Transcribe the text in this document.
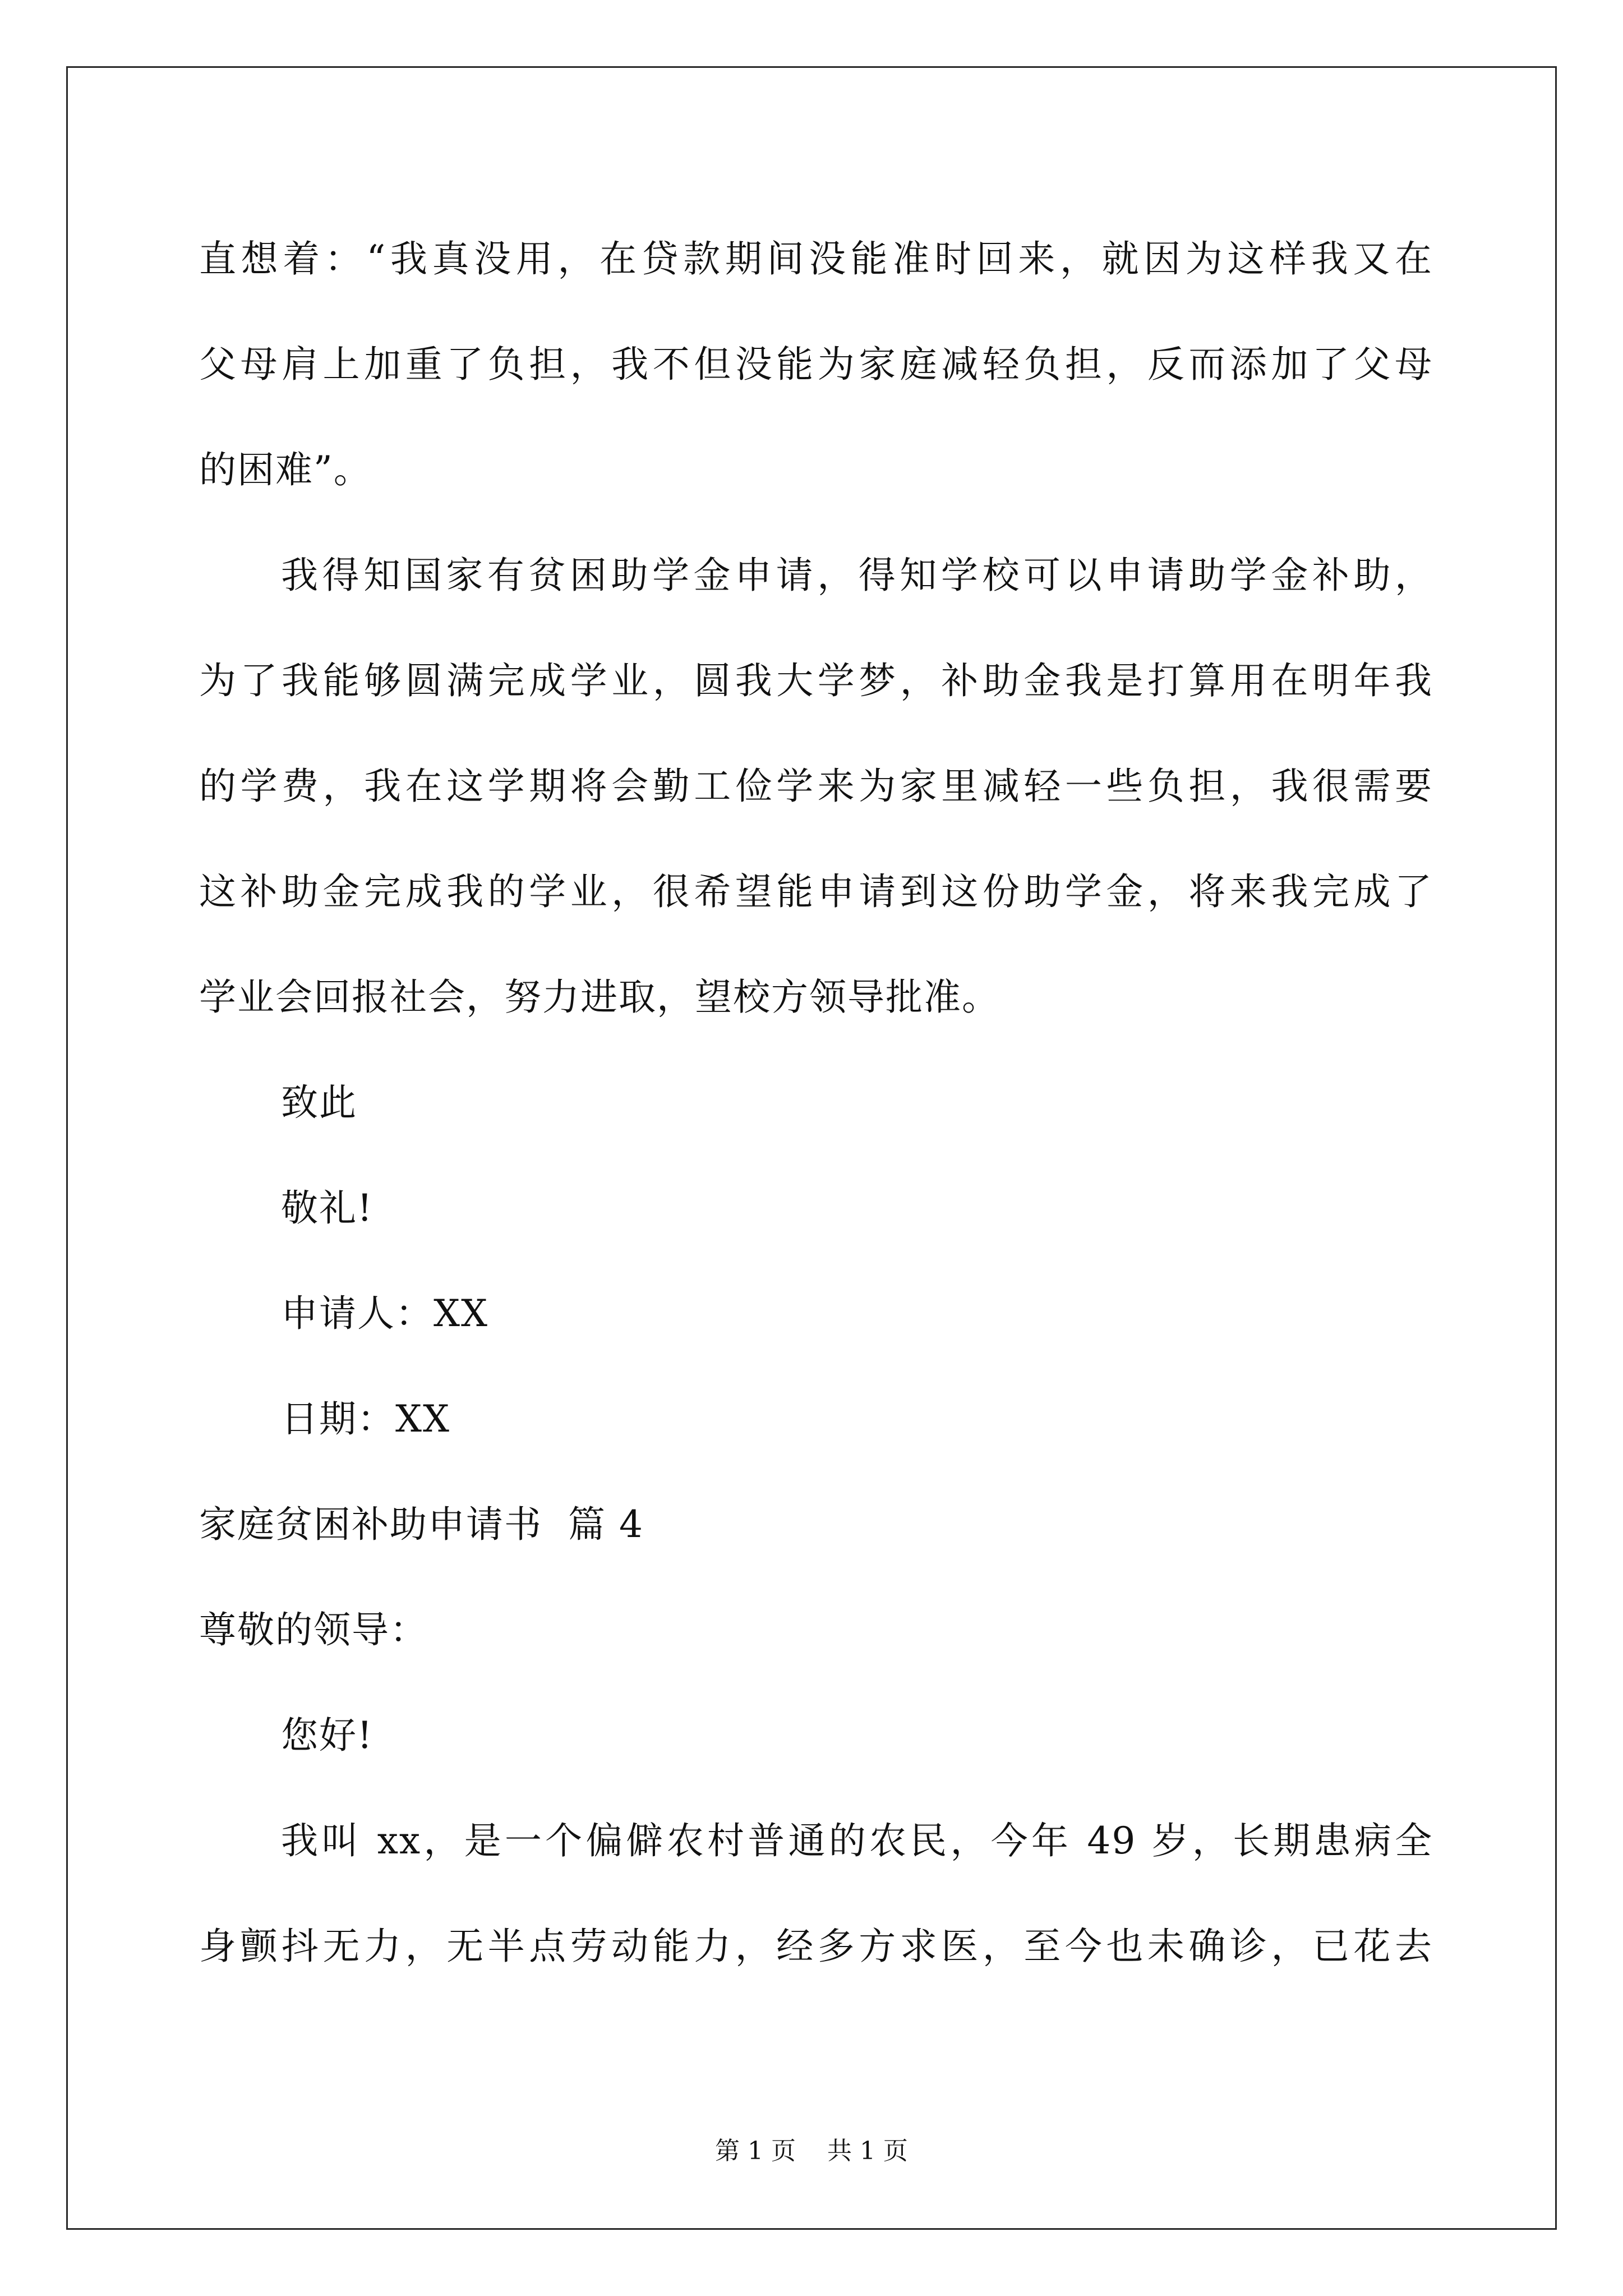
直想着：“我真没用，在贷款期间没能准时回来，就因为这样我又在
父母肩上加重了负担，我不但没能为家庭减轻负担，反而添加了父母
的困难”。
我得知国家有贫困助学金申请，得知学校可以申请助学金补助，
为了我能够圆满完成学业，圆我大学梦，补助金我是打算用在明年我
的学费，我在这学期将会勤工俭学来为家里减轻一些负担，我很需要
这补助金完成我的学业，很希望能申请到这份助学金，将来我完成了
学业会回报社会，努力进取，望校方领导批准。
致此
敬礼!
申请人：XX
日期：XX
家庭贫困补助申请书  篇 4
尊敬的领导：
您好!
我叫 xx，是一个偏僻农村普通的农民，今年 49 岁，长期患病全
身颤抖无力，无半点劳动能力，经多方求医，至今也未确诊，已花去
第 1 页    共 1 页
